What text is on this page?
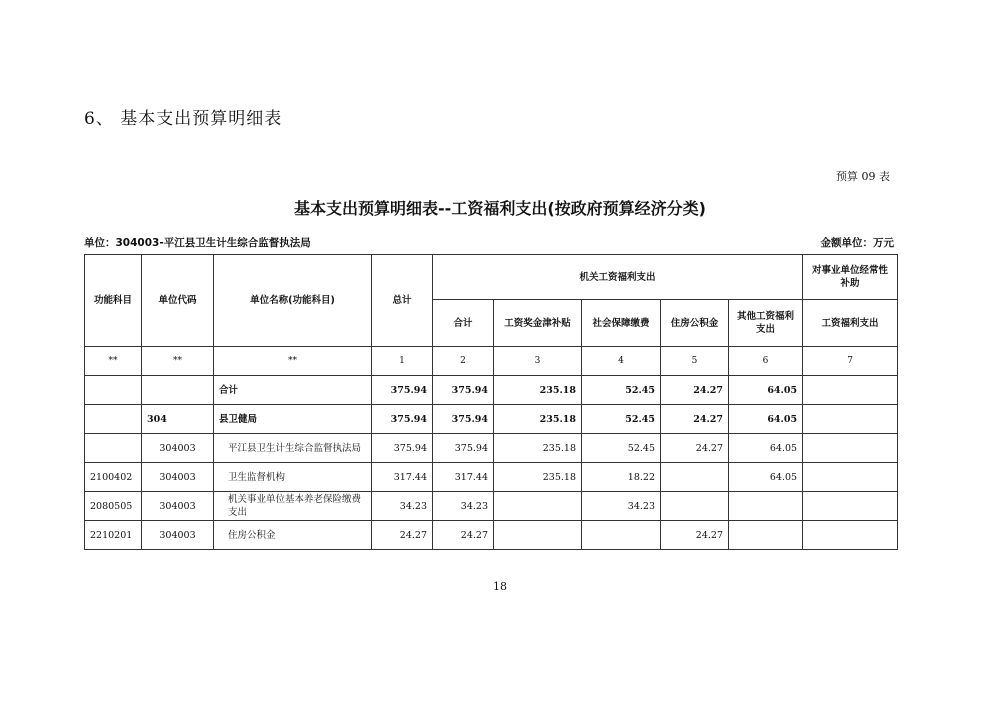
6、 基本支出预算明细表
预算 09 表
基本支出预算明细表--工资福利支出(按政府预算经济分类)
单位：304003-平江县卫生计生综合监督执法局	金额单位：万元
功能科目	单位代码	单位名称(功能科目)	总计	机关工资福利支出					对事业单位经常性补助
				合计	工资奖金津补贴	社会保障缴费	住房公积金	其他工资福利支出	工资福利支出
**	**	**	1	2	3	4	5	6	7
		合计	375.94	375.94	235.18	52.45	24.27	64.05	
	304	县卫健局	375.94	375.94	235.18	52.45	24.27	64.05	
	304003	平江县卫生计生综合监督执法局	375.94	375.94	235.18	52.45	24.27	64.05	
2100402	304003	卫生监督机构	317.44	317.44	235.18	18.22		64.05	
2080505	304003	机关事业单位基本养老保险缴费支出	34.23	34.23		34.23			
2210201	304003	住房公积金	24.27	24.27			24.27		
18
